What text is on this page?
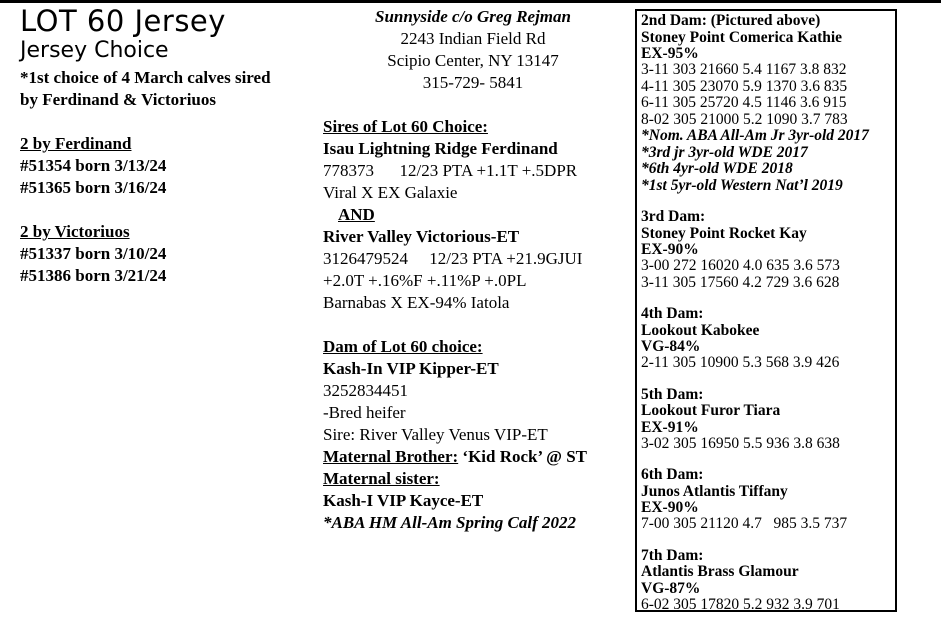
LOT 60 Jersey
Jersey Choice
*1st choice of 4 March calves sired
by Ferdinand & Victoriuos
2 by Ferdinand
#51354 born 3/13/24
#51365 born 3/16/24
2 by Victoriuos
#51337 born 3/10/24
#51386 born 3/21/24
Sunnyside c/o Greg Rejman
2243 Indian Field Rd
Scipio Center, NY 13147
315-729- 5841
Sires of Lot 60 Choice:
Isau Lightning Ridge Ferdinand
778373      12/23 PTA +1.1T +.5DPR
Viral X EX Galaxie
AND
River Valley Victorious-ET
3126479524     12/23 PTA +21.9GJUI
+2.0T +.16%F +.11%P +.0PL
Barnabas X EX-94% Iatola
Dam of Lot 60 choice:
Kash-In VIP Kipper-ET
3252834451
-Bred heifer
Sire: River Valley Venus VIP-ET
Maternal Brother: ‘Kid Rock’ @ ST
Maternal sister:
Kash-I VIP Kayce-ET
*ABA HM All-Am Spring Calf 2022
2nd Dam: (Pictured above)
Stoney Point Comerica Kathie
EX-95%
3-11 303 21660 5.4 1167 3.8 832
4-11 305 23070 5.9 1370 3.6 835
6-11 305 25720 4.5 1146 3.6 915
8-02 305 21000 5.2 1090 3.7 783
*Nom. ABA All-Am Jr 3yr-old 2017
*3rd jr 3yr-old WDE 2017
*6th 4yr-old WDE 2018
*1st 5yr-old Western Nat’l 2019
3rd Dam:
Stoney Point Rocket Kay
EX-90%
3-00 272 16020 4.0 635 3.6 573
3-11 305 17560 4.2 729 3.6 628
4th Dam:
Lookout Kabokee
VG-84%
2-11 305 10900 5.3 568 3.9 426
5th Dam:
Lookout Furor Tiara
EX-91%
3-02 305 16950 5.5 936 3.8 638
6th Dam:
Junos Atlantis Tiffany
EX-90%
7-00 305 21120 4.7   985 3.5 737
7th Dam:
Atlantis Brass Glamour
VG-87%
6-02 305 17820 5.2 932 3.9 701
